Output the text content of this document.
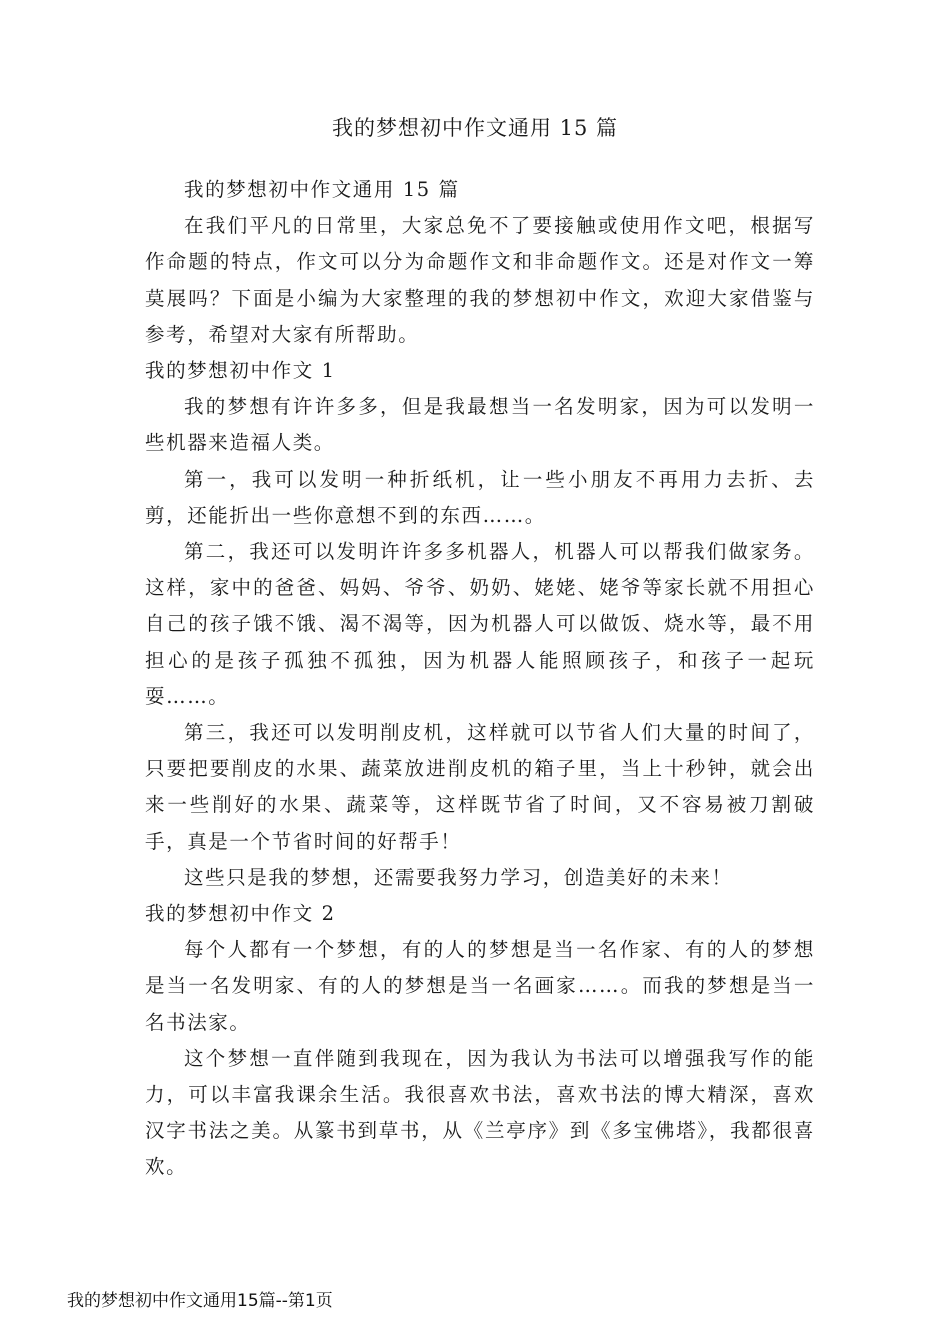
我的梦想初中作文通用 15 篇

我的梦想初中作文通用 15 篇

在我们平凡的日常里，大家总免不了要接触或使用作文吧，根据写作命题的特点，作文可以分为命题作文和非命题作文。还是对作文一筹莫展吗？下面是小编为大家整理的我的梦想初中作文，欢迎大家借鉴与参考，希望对大家有所帮助。

我的梦想初中作文 1

我的梦想有许许多多，但是我最想当一名发明家，因为可以发明一些机器来造福人类。

第一，我可以发明一种折纸机，让一些小朋友不再用力去折、去剪，还能折出一些你意想不到的东西……。

第二，我还可以发明许许多多机器人，机器人可以帮我们做家务。这样，家中的爸爸、妈妈、爷爷、奶奶、姥姥、姥爷等家长就不用担心自己的孩子饿不饿、渴不渴等，因为机器人可以做饭、烧水等，最不用担心的是孩子孤独不孤独，因为机器人能照顾孩子，和孩子一起玩耍……。

第三，我还可以发明削皮机，这样就可以节省人们大量的时间了，只要把要削皮的水果、蔬菜放进削皮机的箱子里，当上十秒钟，就会出来一些削好的水果、蔬菜等，这样既节省了时间，又不容易被刀割破手，真是一个节省时间的好帮手！

这些只是我的梦想，还需要我努力学习，创造美好的未来！

我的梦想初中作文 2

每个人都有一个梦想，有的人的梦想是当一名作家、有的人的梦想是当一名发明家、有的人的梦想是当一名画家……。而我的梦想是当一名书法家。

这个梦想一直伴随到我现在，因为我认为书法可以增强我写作的能力，可以丰富我课余生活。我很喜欢书法，喜欢书法的博大精深，喜欢汉字书法之美。从篆书到草书，从《兰亭序》到《多宝佛塔》，我都很喜欢。

我的梦想初中作文通用15篇--第1页
